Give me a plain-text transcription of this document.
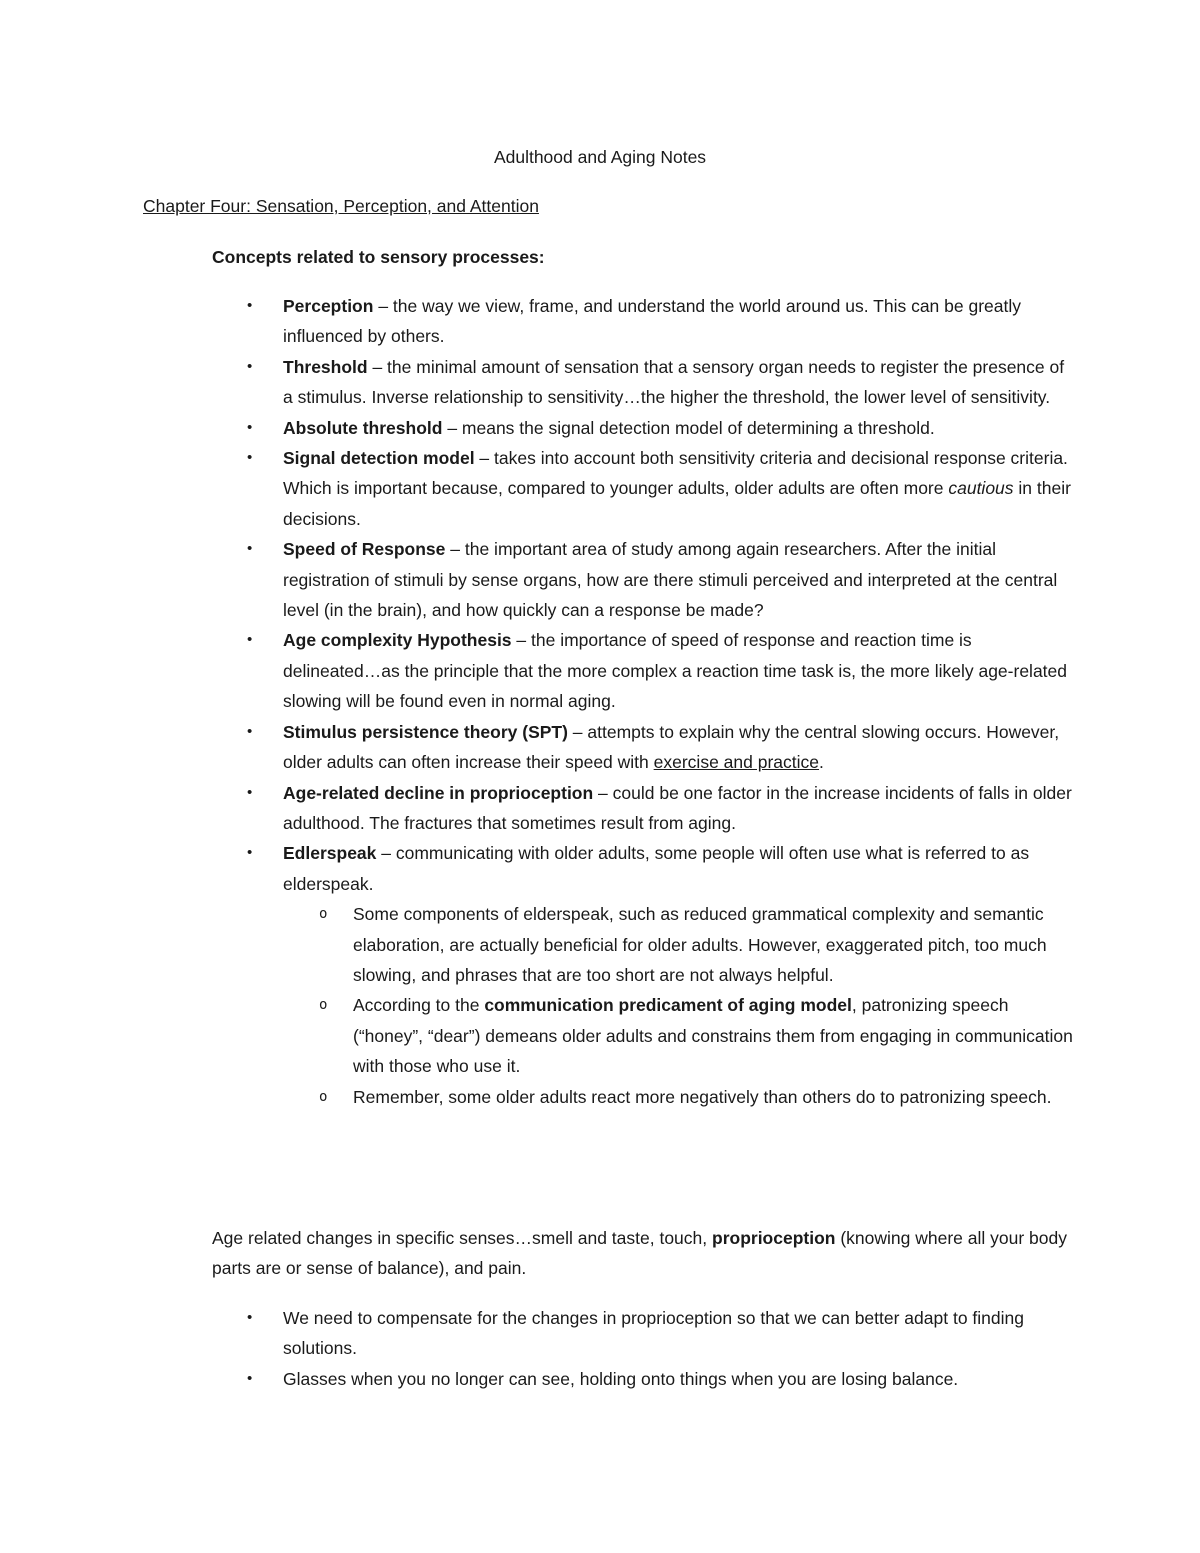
Adulthood and Aging Notes
Chapter Four: Sensation, Perception, and Attention
Concepts related to sensory processes:
• Perception – the way we view, frame, and understand the world around us. This can be greatly influenced by others.
• Threshold – the minimal amount of sensation that a sensory organ needs to register the presence of a stimulus. Inverse relationship to sensitivity…the higher the threshold, the lower level of sensitivity.
• Absolute threshold – means the signal detection model of determining a threshold.
• Signal detection model – takes into account both sensitivity criteria and decisional response criteria. Which is important because, compared to younger adults, older adults are often more cautious in their decisions.
• Speed of Response – the important area of study among again researchers. After the initial registration of stimuli by sense organs, how are there stimuli perceived and interpreted at the central level (in the brain), and how quickly can a response be made?
• Age complexity Hypothesis – the importance of speed of response and reaction time is delineated…as the principle that the more complex a reaction time task is, the more likely age-related slowing will be found even in normal aging.
• Stimulus persistence theory (SPT) – attempts to explain why the central slowing occurs. However, older adults can often increase their speed with exercise and practice.
• Age-related decline in proprioception – could be one factor in the increase incidents of falls in older adulthood. The fractures that sometimes result from aging.
• Edlerspeak – communicating with older adults, some people will often use what is referred to as elderspeak.
o Some components of elderspeak, such as reduced grammatical complexity and semantic elaboration, are actually beneficial for older adults. However, exaggerated pitch, too much slowing, and phrases that are too short are not always helpful.
o According to the communication predicament of aging model, patronizing speech (“honey”, “dear”) demeans older adults and constrains them from engaging in communication with those who use it.
o Remember, some older adults react more negatively than others do to patronizing speech.

Age related changes in specific senses…smell and taste, touch, proprioception (knowing where all your body parts are or sense of balance), and pain.

• We need to compensate for the changes in proprioception so that we can better adapt to finding solutions.
• Glasses when you no longer can see, holding onto things when you are losing balance.
